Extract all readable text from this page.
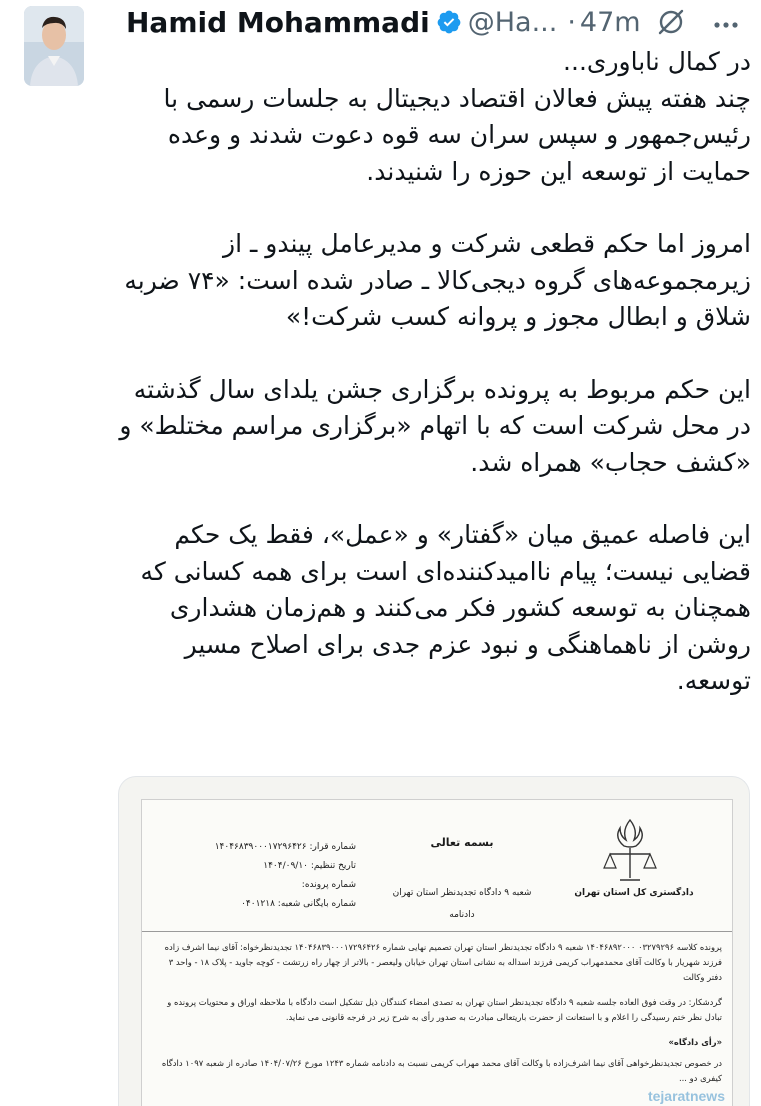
Hamid Mohammadi @Ha... · 47m

در کمال ناباوری...
چند هفته پیش فعالان اقتصاد دیجیتال به جلسات رسمی با رئیس‌جمهور و سپس سران سه قوه دعوت شدند و وعده حمایت از توسعه این حوزه را شنیدند.

امروز اما حکم قطعی شرکت و مدیرعامل پیندو ـ از زیرمجموعه‌های گروه دیجی‌کالا ـ صادر شده است: «۷۴ ضربه شلاق و ابطال مجوز و پروانه کسب شرکت!»

این حکم مربوط به پرونده برگزاری جشن یلدای سال گذشته در محل شرکت است که با اتهام «برگزاری مراسم مختلط» و «کشف حجاب» همراه شد.

این فاصله عمیق میان «گفتار» و «عمل»، فقط یک حکم قضایی نیست؛ پیام ناامیدکننده‌ای است برای همه کسانی که همچنان به توسعه کشور فکر می‌کنند و هم‌زمان هشداری روشن از ناهماهنگی و نبود عزم جدی برای اصلاح مسیر توسعه.

شماره قرار: ۱۴۰۴۶۸۳۹۰۰۰۱۷۲۹۶۴۲۶
تاریخ تنظیم: ۱۴۰۴/۰۹/۱۰
شماره پرونده:
شماره بایگانی شعبه: ۰۴۰۱۲۱۸
بسمه تعالی
شعبه ۹ دادگاه تجدیدنظر استان تهران
دادنامه
دادگستری کل استان تهران

پرونده کلاسه ۰۳۲۷۹۲۹۶ ۱۴۰۴۶۸۹۲۰۰۰ شعبه ۹ دادگاه تجدیدنظر استان تهران تصمیم نهایی شماره ۱۴۰۴۶۸۳۹۰۰۰۱۷۲۹۶۴۲۶ تجدیدنظرخواه: آقای نیما اشرف زاده فرزند شهریار با وکالت آقای محمدمهراب کریمی فرزند اسداله به نشانی استان تهران خیابان ولیعصر - بالاتر از چهار راه زرتشت - کوچه جاوید - پلاک ۱۸ - واحد ۳ دفتر وکالت

گردشکار: در وقت فوق العاده جلسه شعبه ۹ دادگاه تجدیدنظر استان تهران به تصدی امضاء کنندگان ذیل تشکیل است دادگاه با ملاحظه اوراق و محتویات پرونده و تبادل نظر ختم رسیدگی را اعلام و با استعانت از حضرت باریتعالی مبادرت به صدور رأی به شرح زیر در فرجه قانونی می نماید.

«رأی دادگاه»

در خصوص تجدیدنظرخواهی آقای نیما اشرف‌زاده با وکالت آقای محمد مهراب کریمی نسبت به دادنامه شماره ۱۲۴۳ مورخ ۱۴۰۴/۰۷/۲۶ صادره از شعبه ۱۰۹۷ دادگاه کیفری دو ...

tejaratnews
